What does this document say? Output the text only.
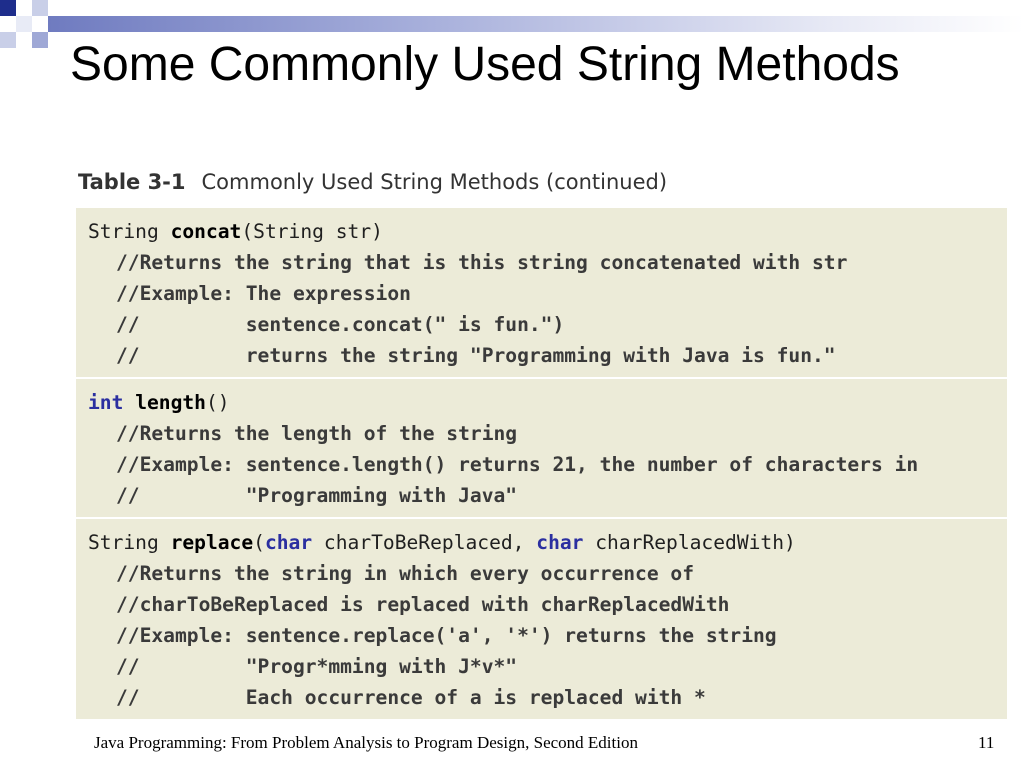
Some Commonly Used String Methods
Table 3-1 Commonly Used String Methods (continued)
String concat(String str)
//Returns the string that is this string concatenated with str
//Example: The expression
//         sentence.concat(" is fun.")
//         returns the string "Programming with Java is fun."
int length()
//Returns the length of the string
//Example: sentence.length() returns 21, the number of characters in
//         "Programming with Java"
String replace(char charToBeReplaced, char charReplacedWith)
//Returns the string in which every occurrence of
//charToBeReplaced is replaced with charReplacedWith
//Example: sentence.replace('a', '*') returns the string
//         "Progr*mming with J*v*"
//         Each occurrence of a is replaced with *
Java Programming: From Problem Analysis to Program Design, Second Edition	11
